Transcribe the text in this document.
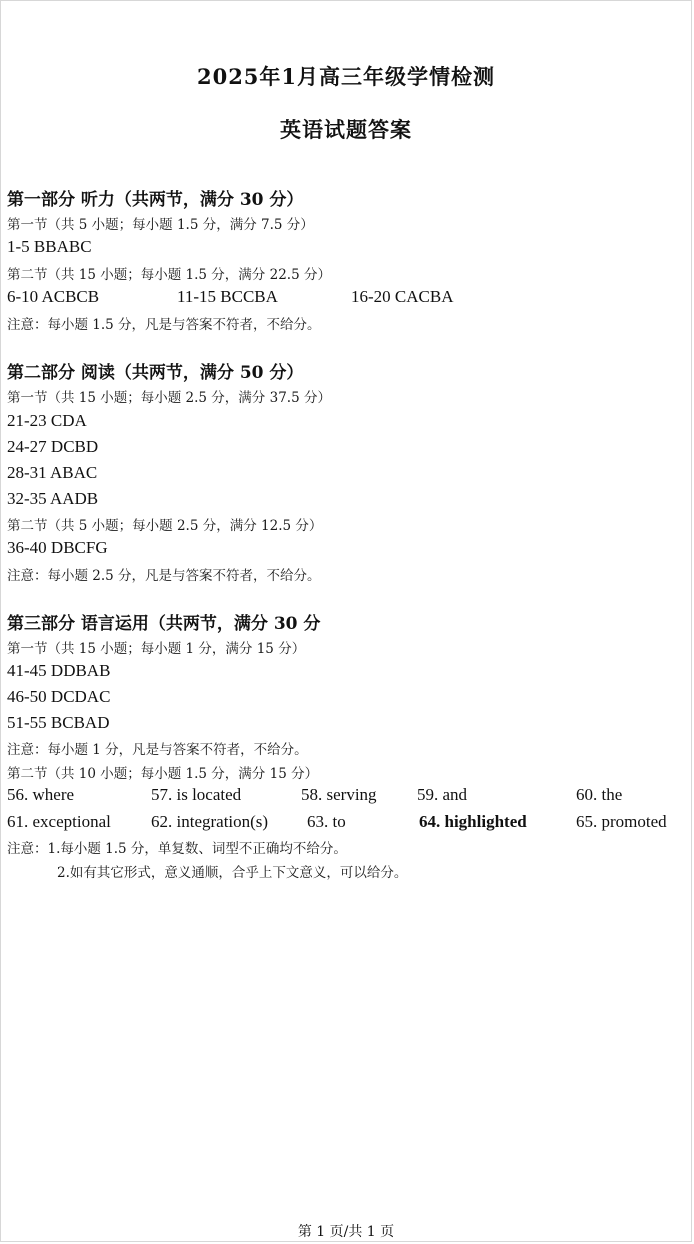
2025年1月高三年级学情检测
英语试题答案
第一部分 听力（共两节，满分 30 分）
第一节（共 5 小题；每小题 1.5 分，满分 7.5 分）
1-5 BBABC
第二节（共 15 小题；每小题 1.5 分，满分 22.5 分）
6-10 ACBCB	11-15 BCCBA	16-20 CACBA
注意：每小题 1.5 分，凡是与答案不符者，不给分。
第二部分 阅读（共两节，满分 50 分）
第一节（共 15 小题；每小题 2.5 分，满分 37.5 分）
21-23 CDA
24-27 DCBD
28-31 ABAC
32-35 AADB
第二节（共 5 小题；每小题 2.5 分，满分 12.5 分）
36-40 DBCFG
注意：每小题 2.5 分，凡是与答案不符者，不给分。
第三部分 语言运用（共两节，满分 30 分
第一节（共 15 小题；每小题 1 分，满分 15 分）
41-45 DDBAB
46-50 DCDAC
51-55 BCBAD
注意：每小题 1 分，凡是与答案不符者，不给分。
第二节（共 10 小题；每小题 1.5 分，满分 15 分）
56. where	57. is located	58. serving 59. and	60. the
61. exceptional 62. integration(s) 63. to	64. highlighted	65. promoted
注意：1.每小题 1.5 分，单复数、词型不正确均不给分。
2.如有其它形式，意义通顺，合乎上下文意义，可以给分。
第 1 页/共 1 页
